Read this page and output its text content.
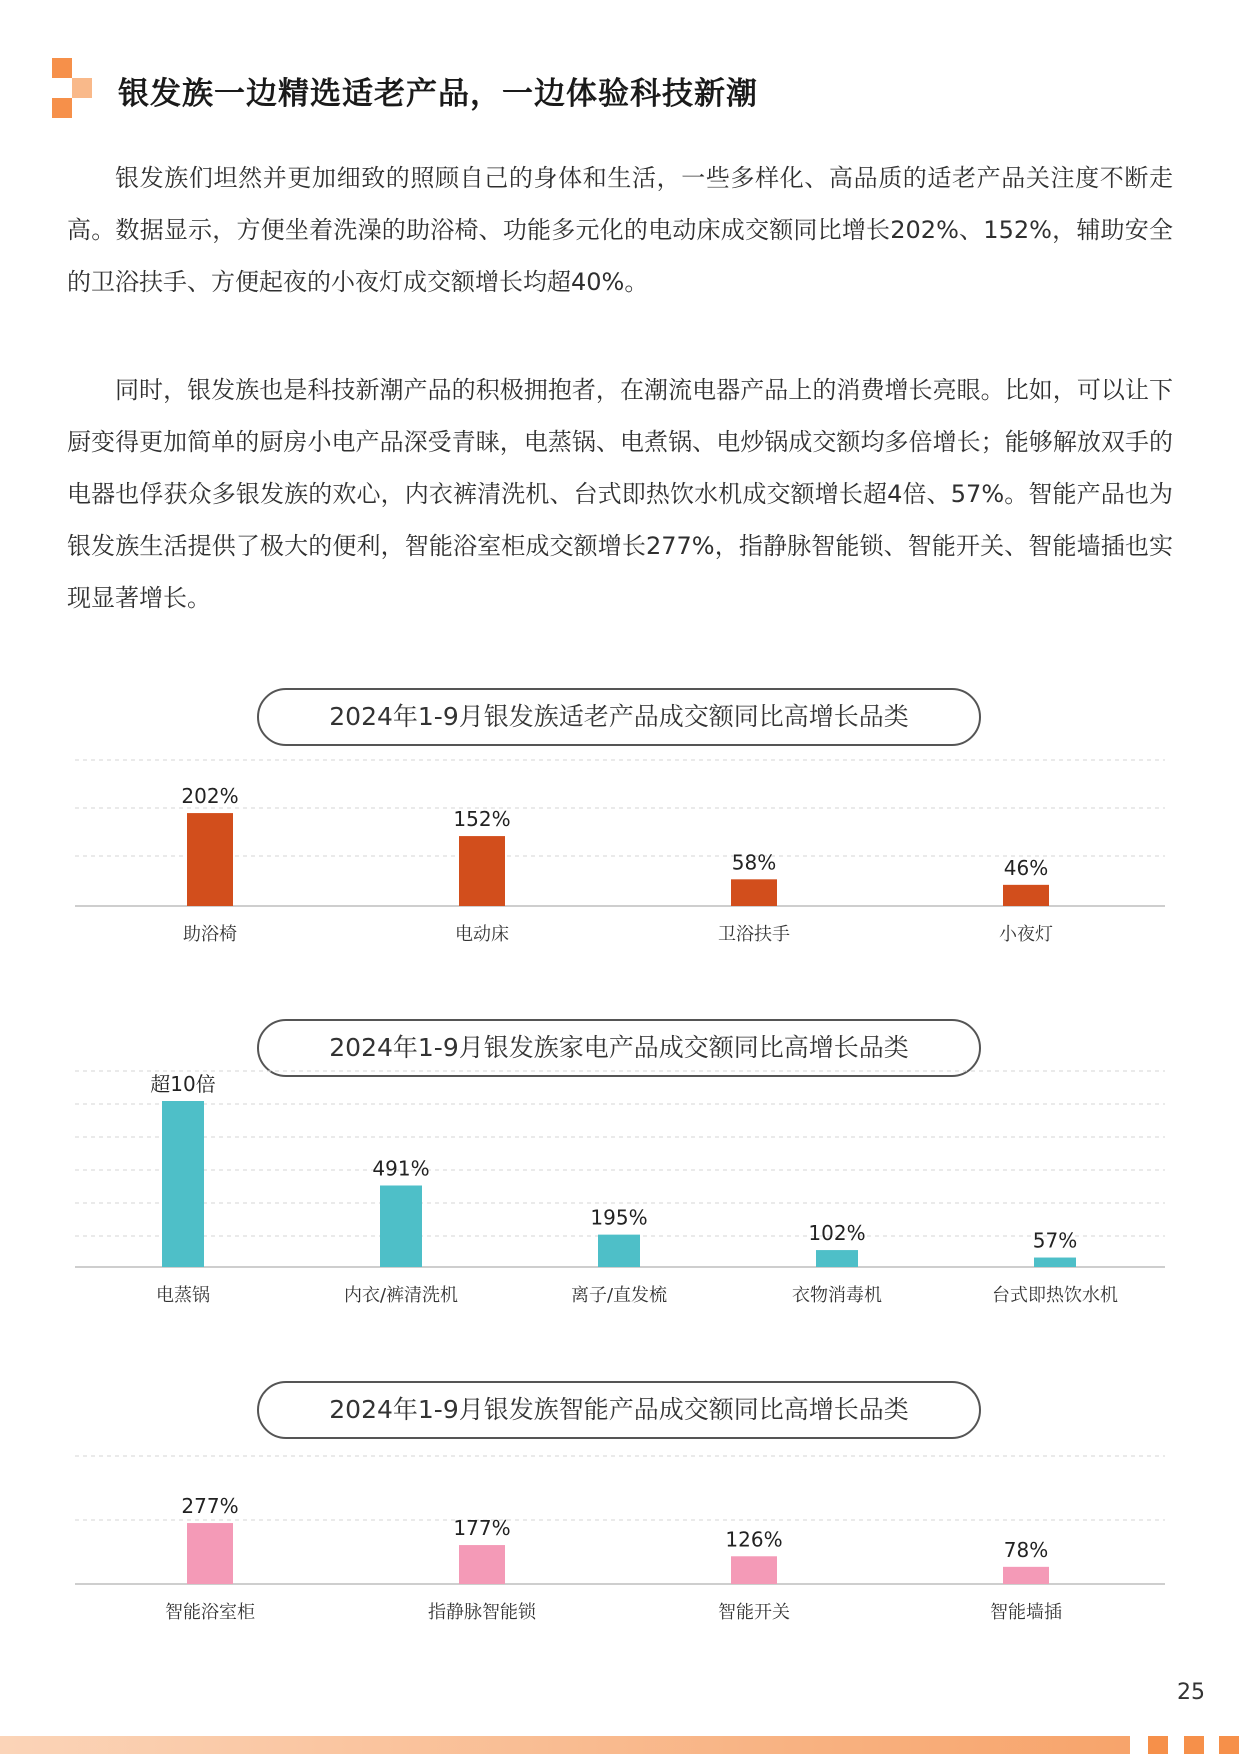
银发族一边精选适老产品，一边体验科技新潮

银发族们坦然并更加细致的照顾自己的身体和生活，一些多样化、高品质的适老产品关注度不断走高。数据显示，方便坐着洗澡的助浴椅、功能多元化的电动床成交额同比增长202%、152%，辅助安全的卫浴扶手、方便起夜的小夜灯成交额增长均超40%。

同时，银发族也是科技新潮产品的积极拥抱者，在潮流电器产品上的消费增长亮眼。比如，可以让下厨变得更加简单的厨房小电产品深受青睐，电蒸锅、电煮锅、电炒锅成交额均多倍增长；能够解放双手的电器也俘获众多银发族的欢心，内衣裤清洗机、台式即热饮水机成交额增长超4倍、57%。智能产品也为银发族生活提供了极大的便利，智能浴室柜成交额增长277%，指静脉智能锁、智能开关、智能墙插也实现显著增长。

2024年1-9月银发族适老产品成交额同比高增长品类
202%
助浴椅
152%
电动床
58%
卫浴扶手
46%
小夜灯
2024年1-9月银发族家电产品成交额同比高增长品类
超10倍
电蒸锅
491%
内衣/裤清洗机
195%
离子/直发梳
102%
衣物消毒机
57%
台式即热饮水机
2024年1-9月银发族智能产品成交额同比高增长品类
277%
智能浴室柜
177%
指静脉智能锁
126%
智能开关
78%
智能墙插
25
